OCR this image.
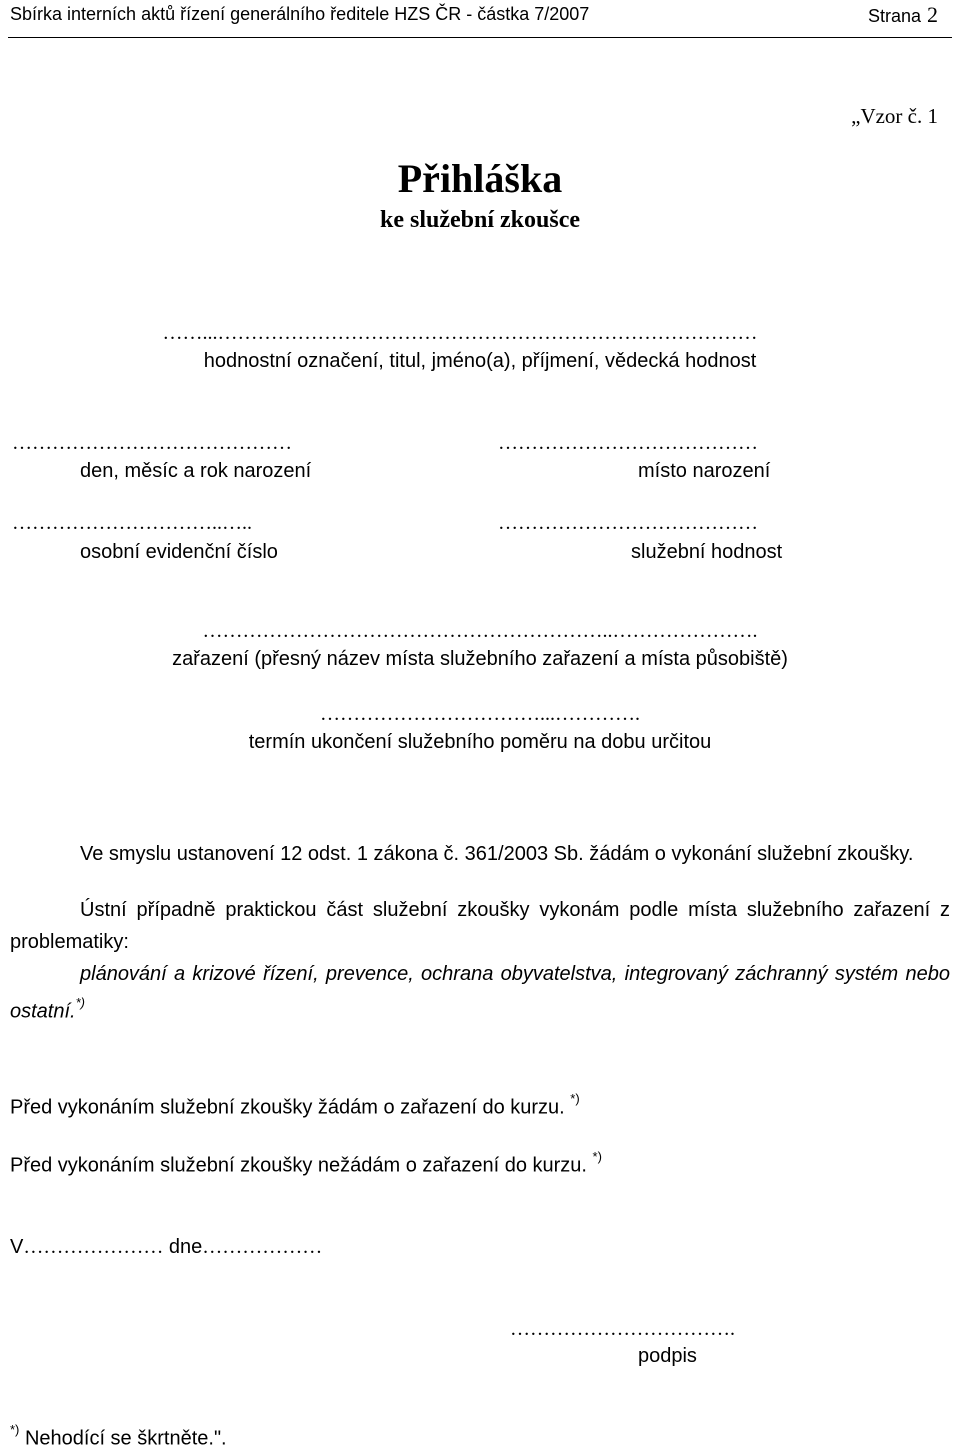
Sbírka interních aktů řízení generálního ředitele HZS ČR - částka 7/2007	Strana 2
„Vzor č. 1
Přihláška
ke služební zkoušce
……...………………………………………………………………………
hodnostní označení, titul, jméno(a), příjmení, vědecká hodnost
……………………………………
den, měsíc a rok narození
…………………………………
místo narození
…………………………..…..
osobní evidenční číslo
…………………………………
služební hodnost
……………………………………………………..………………….
zařazení (přesný název místa služebního zařazení a místa působiště)
……………………………...………….
termín ukončení služebního poměru na dobu určitou
Ve smyslu ustanovení 12 odst. 1 zákona č. 361/2003 Sb. žádám o vykonání služební zkoušky.
Ústní případně praktickou část služební zkoušky vykonám podle místa služebního zařazení z problematiky:
plánování a krizové řízení, prevence, ochrana obyvatelstva, integrovaný záchranný systém nebo ostatní.*)
Před vykonáním služební zkoušky žádám o zařazení do kurzu. *)
Před vykonáním služební zkoušky nežádám o zařazení do kurzu. *)
V………………… dne………………
…………………………….
podpis
*) Nehodící se škrtněte.".
